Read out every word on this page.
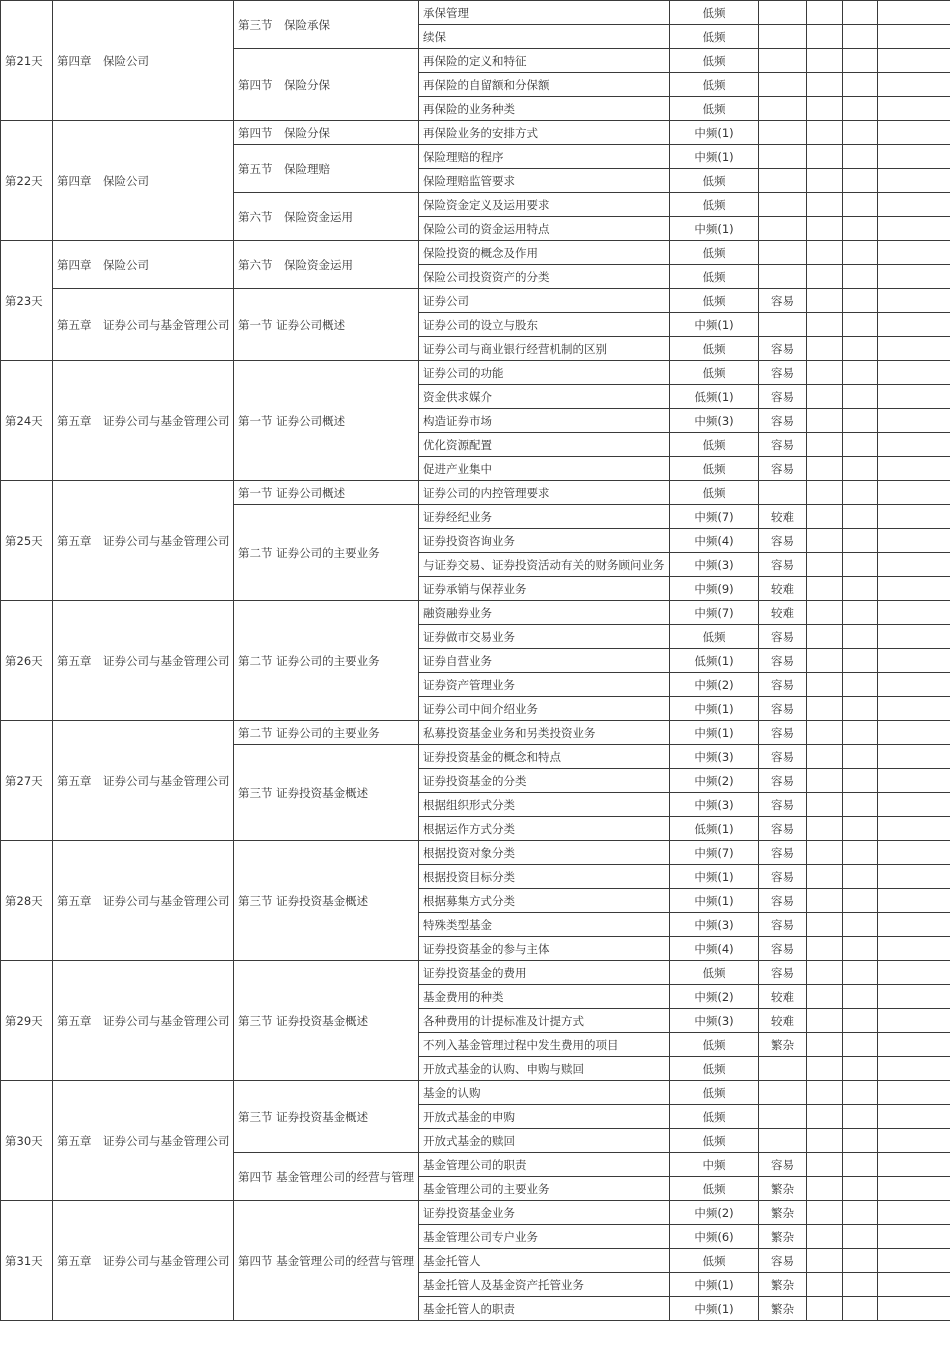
第21天	第四章　保险公司	第三节　保险承保	承保管理	低频				
			续保	低频				
		第四节　保险分保	再保险的定义和特征	低频				
			再保险的自留额和分保额	低频				
			再保险的业务种类	低频				
第22天	第四章　保险公司	第四节　保险分保	再保险业务的安排方式	中频(1)				
		第五节　保险理赔	保险理赔的程序	中频(1)				
			保险理赔监管要求	低频				
		第六节　保险资金运用	保险资金定义及运用要求	低频				
			保险公司的资金运用特点	中频(1)				
第23天	第四章　保险公司	第六节　保险资金运用	保险投资的概念及作用	低频				
			保险公司投资资产的分类	低频				
	第五章　证券公司与基金管理公司	第一节 证券公司概述	证券公司	低频	容易			
			证券公司的设立与股东	中频(1)				
			证券公司与商业银行经营机制的区别	低频	容易			
第24天	第五章　证券公司与基金管理公司	第一节 证券公司概述	证券公司的功能	低频	容易			
			资金供求媒介	低频(1)	容易			
			构造证券市场	中频(3)	容易			
			优化资源配置	低频	容易			
			促进产业集中	低频	容易			
第25天	第五章　证券公司与基金管理公司	第一节 证券公司概述	证券公司的内控管理要求	低频				
		第二节 证券公司的主要业务	证券经纪业务	中频(7)	较难			
			证券投资咨询业务	中频(4)	容易			
			与证券交易、证券投资活动有关的财务顾问业务	中频(3)	容易			
			证券承销与保荐业务	中频(9)	较难			
第26天	第五章　证券公司与基金管理公司	第二节 证券公司的主要业务	融资融券业务	中频(7)	较难			
			证券做市交易业务	低频	容易			
			证券自营业务	低频(1)	容易			
			证券资产管理业务	中频(2)	容易			
			证券公司中间介绍业务	中频(1)	容易			
第27天	第五章　证券公司与基金管理公司	第二节 证券公司的主要业务	私募投资基金业务和另类投资业务	中频(1)	容易			
		第三节 证券投资基金概述	证券投资基金的概念和特点	中频(3)	容易			
			证券投资基金的分类	中频(2)	容易			
			根据组织形式分类	中频(3)	容易			
			根据运作方式分类	低频(1)	容易			
第28天	第五章　证券公司与基金管理公司	第三节 证券投资基金概述	根据投资对象分类	中频(7)	容易			
			根据投资目标分类	中频(1)	容易			
			根据募集方式分类	中频(1)	容易			
			特殊类型基金	中频(3)	容易			
			证券投资基金的参与主体	中频(4)	容易			
第29天	第五章　证券公司与基金管理公司	第三节 证券投资基金概述	证券投资基金的费用	低频	容易			
			基金费用的种类	中频(2)	较难			
			各种费用的计提标准及计提方式	中频(3)	较难			
			不列入基金管理过程中发生费用的项目	低频	繁杂			
			开放式基金的认购、申购与赎回	低频				
第30天	第五章　证券公司与基金管理公司	第三节 证券投资基金概述	基金的认购	低频				
			开放式基金的申购	低频				
			开放式基金的赎回	低频				
		第四节 基金管理公司的经营与管理	基金管理公司的职责	中频	容易			
			基金管理公司的主要业务	低频	繁杂			
第31天	第五章　证券公司与基金管理公司	第四节 基金管理公司的经营与管理	证券投资基金业务	中频(2)	繁杂			
			基金管理公司专户业务	中频(6)	繁杂			
			基金托管人	低频	容易			
			基金托管人及基金资产托管业务	中频(1)	繁杂			
			基金托管人的职责	中频(1)	繁杂			
